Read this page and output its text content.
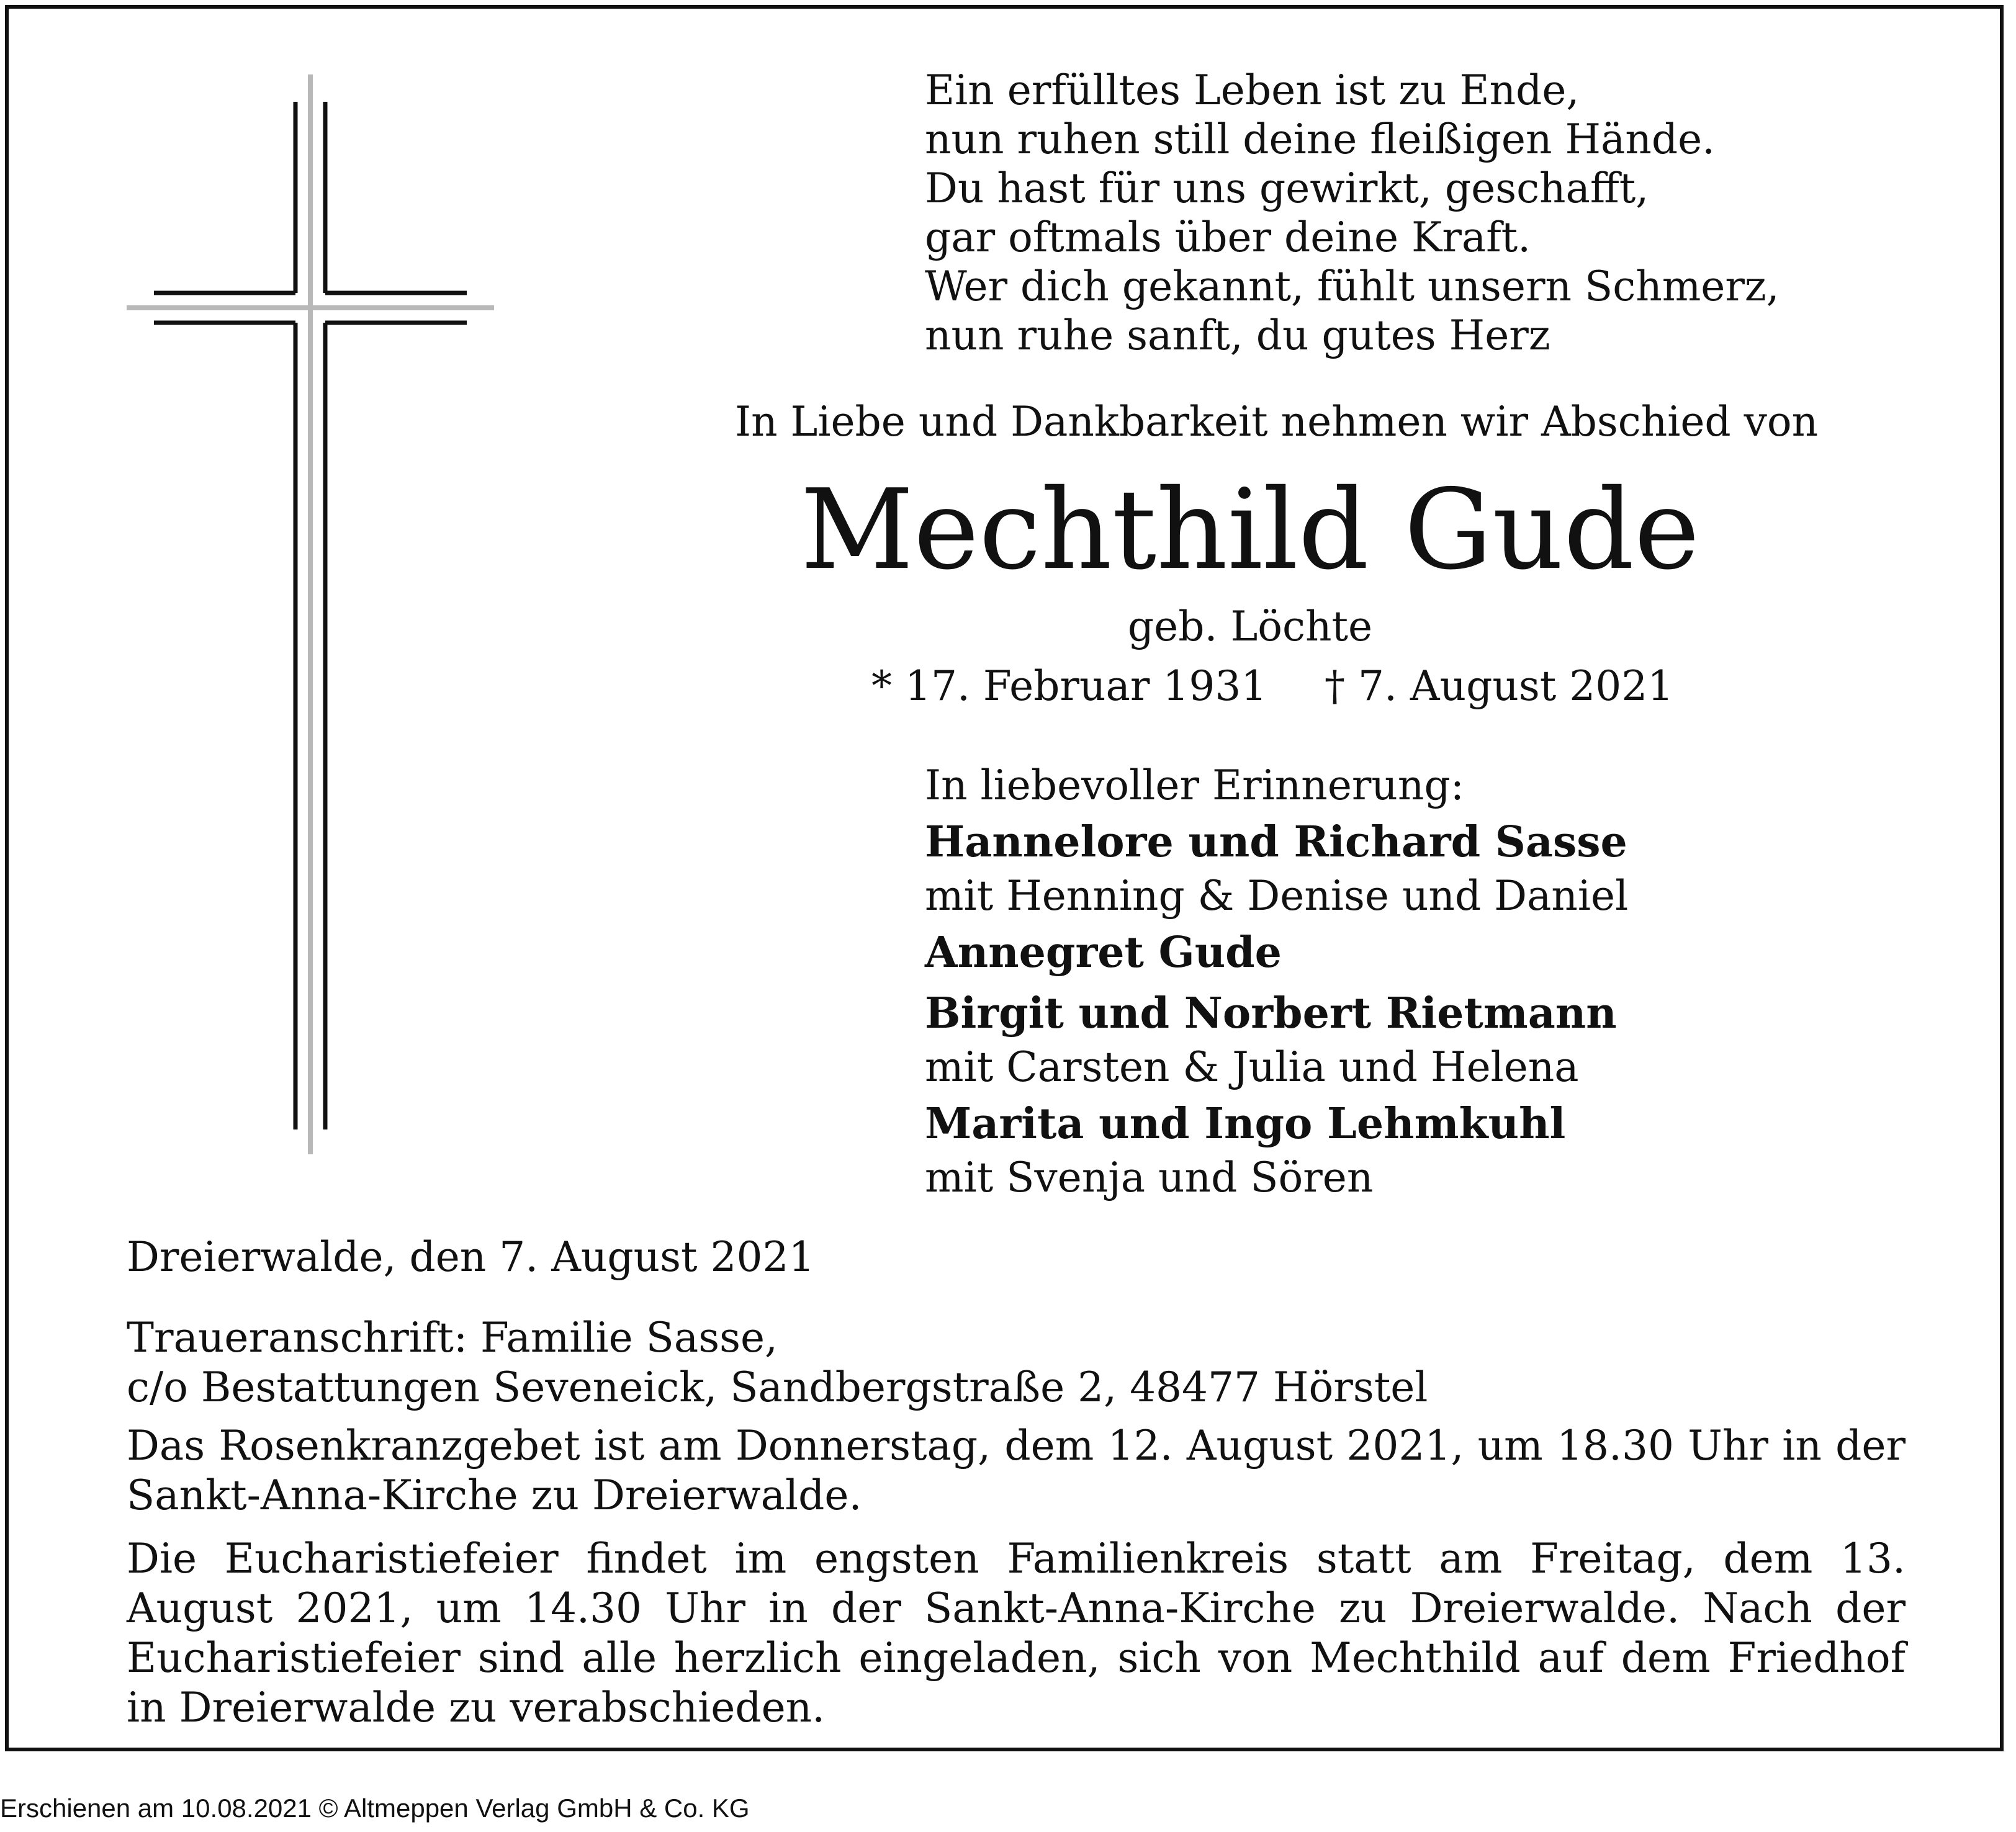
Ein erfülltes Leben ist zu Ende,
nun ruhen still deine fleißigen Hände.
Du hast für uns gewirkt, geschafft,
gar oftmals über deine Kraft.
Wer dich gekannt, fühlt unsern Schmerz,
nun ruhe sanft, du gutes Herz
In Liebe und Dankbarkeit nehmen wir Abschied von
Mechthild Gude
geb. Löchte
* 17. Februar 1931 † 7. August 2021
In liebevoller Erinnerung:
Hannelore und Richard Sasse
mit Henning & Denise und Daniel
Annegret Gude
Birgit und Norbert Rietmann
mit Carsten & Julia und Helena
Marita und Ingo Lehmkuhl
mit Svenja und Sören
Dreierwalde, den 7. August 2021
Traueranschrift: Familie Sasse,
c/o Bestattungen Seveneick, Sandbergstraße 2, 48477 Hörstel
Das Rosenkranzgebet ist am Donnerstag, dem 12. August 2021, um 18.30 Uhr in der Sankt-Anna-Kirche zu Dreierwalde.
Die Eucharistiefeier findet im engsten Familienkreis statt am Freitag, dem 13. August 2021, um 14.30 Uhr in der Sankt-Anna-Kirche zu Dreierwalde. Nach der Eucharistiefeier sind alle herzlich eingeladen, sich von Mechthild auf dem Friedhof in Dreierwalde zu verabschieden.
Erschienen am 10.08.2021 © Altmeppen Verlag GmbH & Co. KG
